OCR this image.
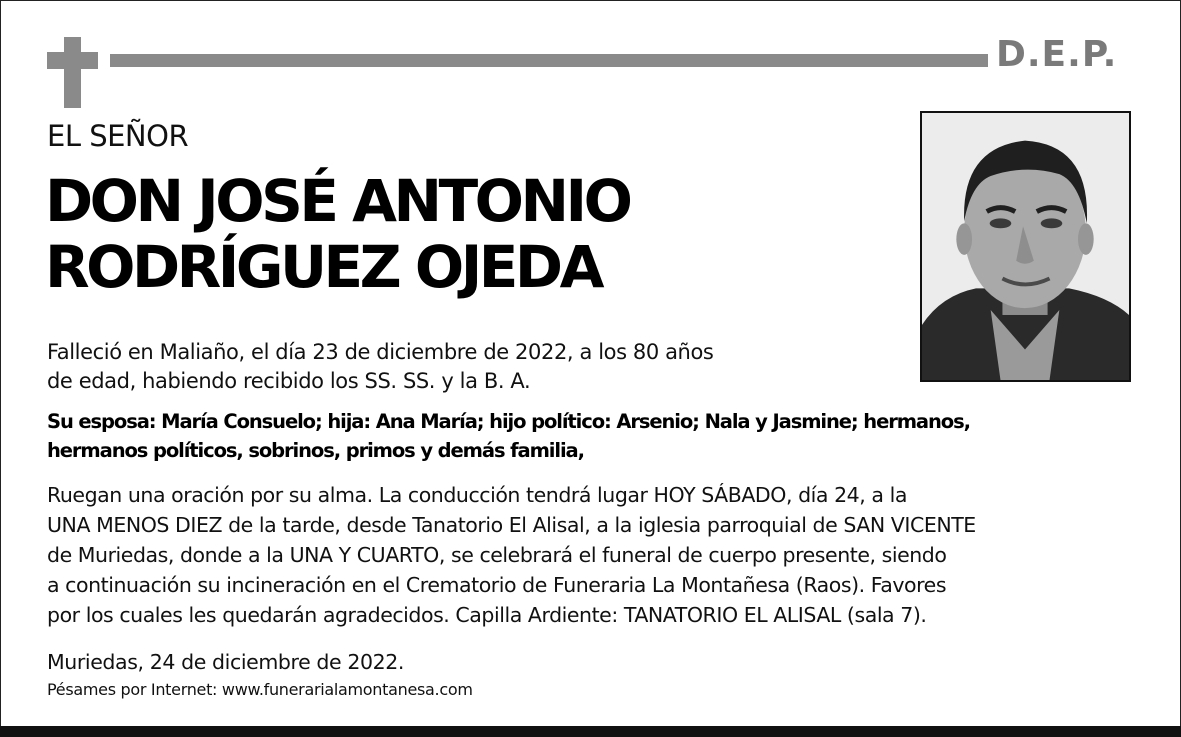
D.E.P.
EL SEÑOR
DON JOSÉ ANTONIO
RODRÍGUEZ OJEDA
Falleció en Maliaño, el día 23 de diciembre de 2022, a los 80 años
de edad, habiendo recibido los SS. SS. y la B. A.
Su esposa: María Consuelo; hija: Ana María; hijo político: Arsenio; Nala y Jasmine; hermanos,
hermanos políticos, sobrinos, primos y demás familia,
Ruegan una oración por su alma. La conducción tendrá lugar HOY SÁBADO, día 24, a la
UNA MENOS DIEZ de la tarde, desde Tanatorio El Alisal, a la iglesia parroquial de SAN VICENTE
de Muriedas, donde a la UNA Y CUARTO, se celebrará el funeral de cuerpo presente, siendo
a continuación su incineración en el Crematorio de Funeraria La Montañesa (Raos). Favores
por los cuales les quedarán agradecidos. Capilla Ardiente: TANATORIO EL ALISAL (sala 7).
Muriedas, 24 de diciembre de 2022.
Pésames por Internet: www.funerarialamontanesa.com
